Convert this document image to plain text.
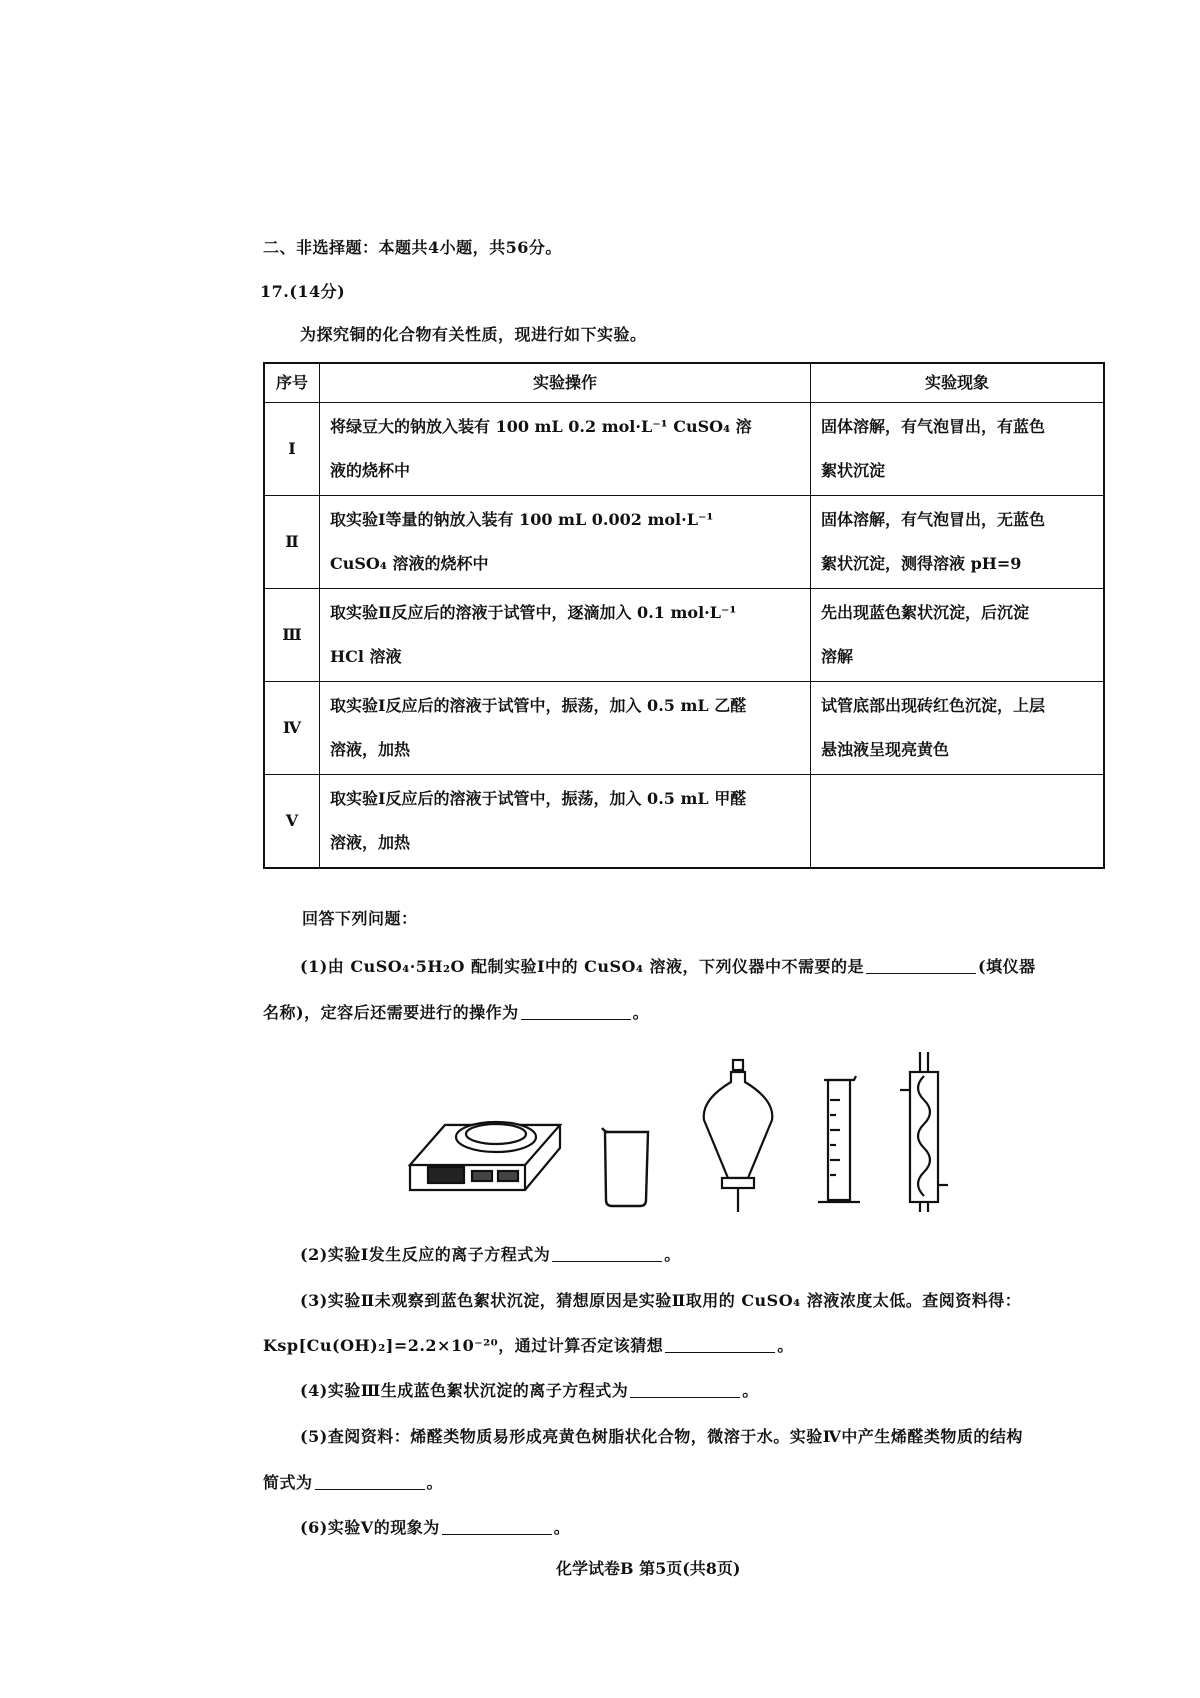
二、非选择题：本题共4小题，共56分。
17.(14分)
为探究铜的化合物有关性质，现进行如下实验。
序号	实验操作	实验现象
Ⅰ	将绿豆大的钠放入装有 100 mL 0.2 mol·L⁻¹ CuSO₄ 溶
液的烧杯中	固体溶解，有气泡冒出，有蓝色
絮状沉淀

Ⅱ	取实验Ⅰ等量的钠放入装有 100 mL 0.002 mol·L⁻¹
CuSO₄ 溶液的烧杯中	固体溶解，有气泡冒出，无蓝色
絮状沉淀，测得溶液 pH=9

Ⅲ	取实验Ⅱ反应后的溶液于试管中，逐滴加入 0.1 mol·L⁻¹
HCl 溶液	先出现蓝色絮状沉淀，后沉淀
溶解

Ⅳ	取实验Ⅰ反应后的溶液于试管中，振荡，加入 0.5 mL 乙醛
溶液，加热	试管底部出现砖红色沉淀，上层
悬浊液呈现亮黄色

Ⅴ	取实验Ⅰ反应后的溶液于试管中，振荡，加入 0.5 mL 甲醛
溶液，加热	

回答下列问题：
(1)由 CuSO₄·5H₂O 配制实验Ⅰ中的 CuSO₄ 溶液，下列仪器中不需要的是	(填仪器
名称)，定容后还需要进行的操作为	。
(2)实验Ⅰ发生反应的离子方程式为	。
(3)实验Ⅱ未观察到蓝色絮状沉淀，猜想原因是实验Ⅱ取用的 CuSO₄ 溶液浓度太低。查阅资料得：
Ksp[Cu(OH)₂]=2.2×10⁻²⁰，通过计算否定该猜想	。
(4)实验Ⅲ生成蓝色絮状沉淀的离子方程式为	。
(5)查阅资料：烯醛类物质易形成亮黄色树脂状化合物，微溶于水。实验Ⅳ中产生烯醛类物质的结构
简式为	。
(6)实验Ⅴ的现象为	。
化学试卷B 第5页(共8页)
